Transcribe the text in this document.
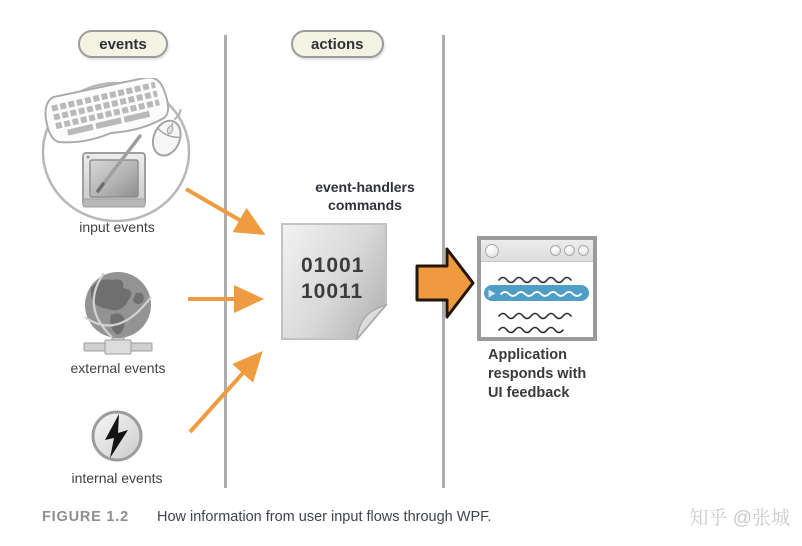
events	actions
input events
external events
internal events
event-handlers
commands
01001
10011
Application
responds with
UI feedback
FIGURE 1.2 How information from user input flows through WPF.	知乎 @张城
